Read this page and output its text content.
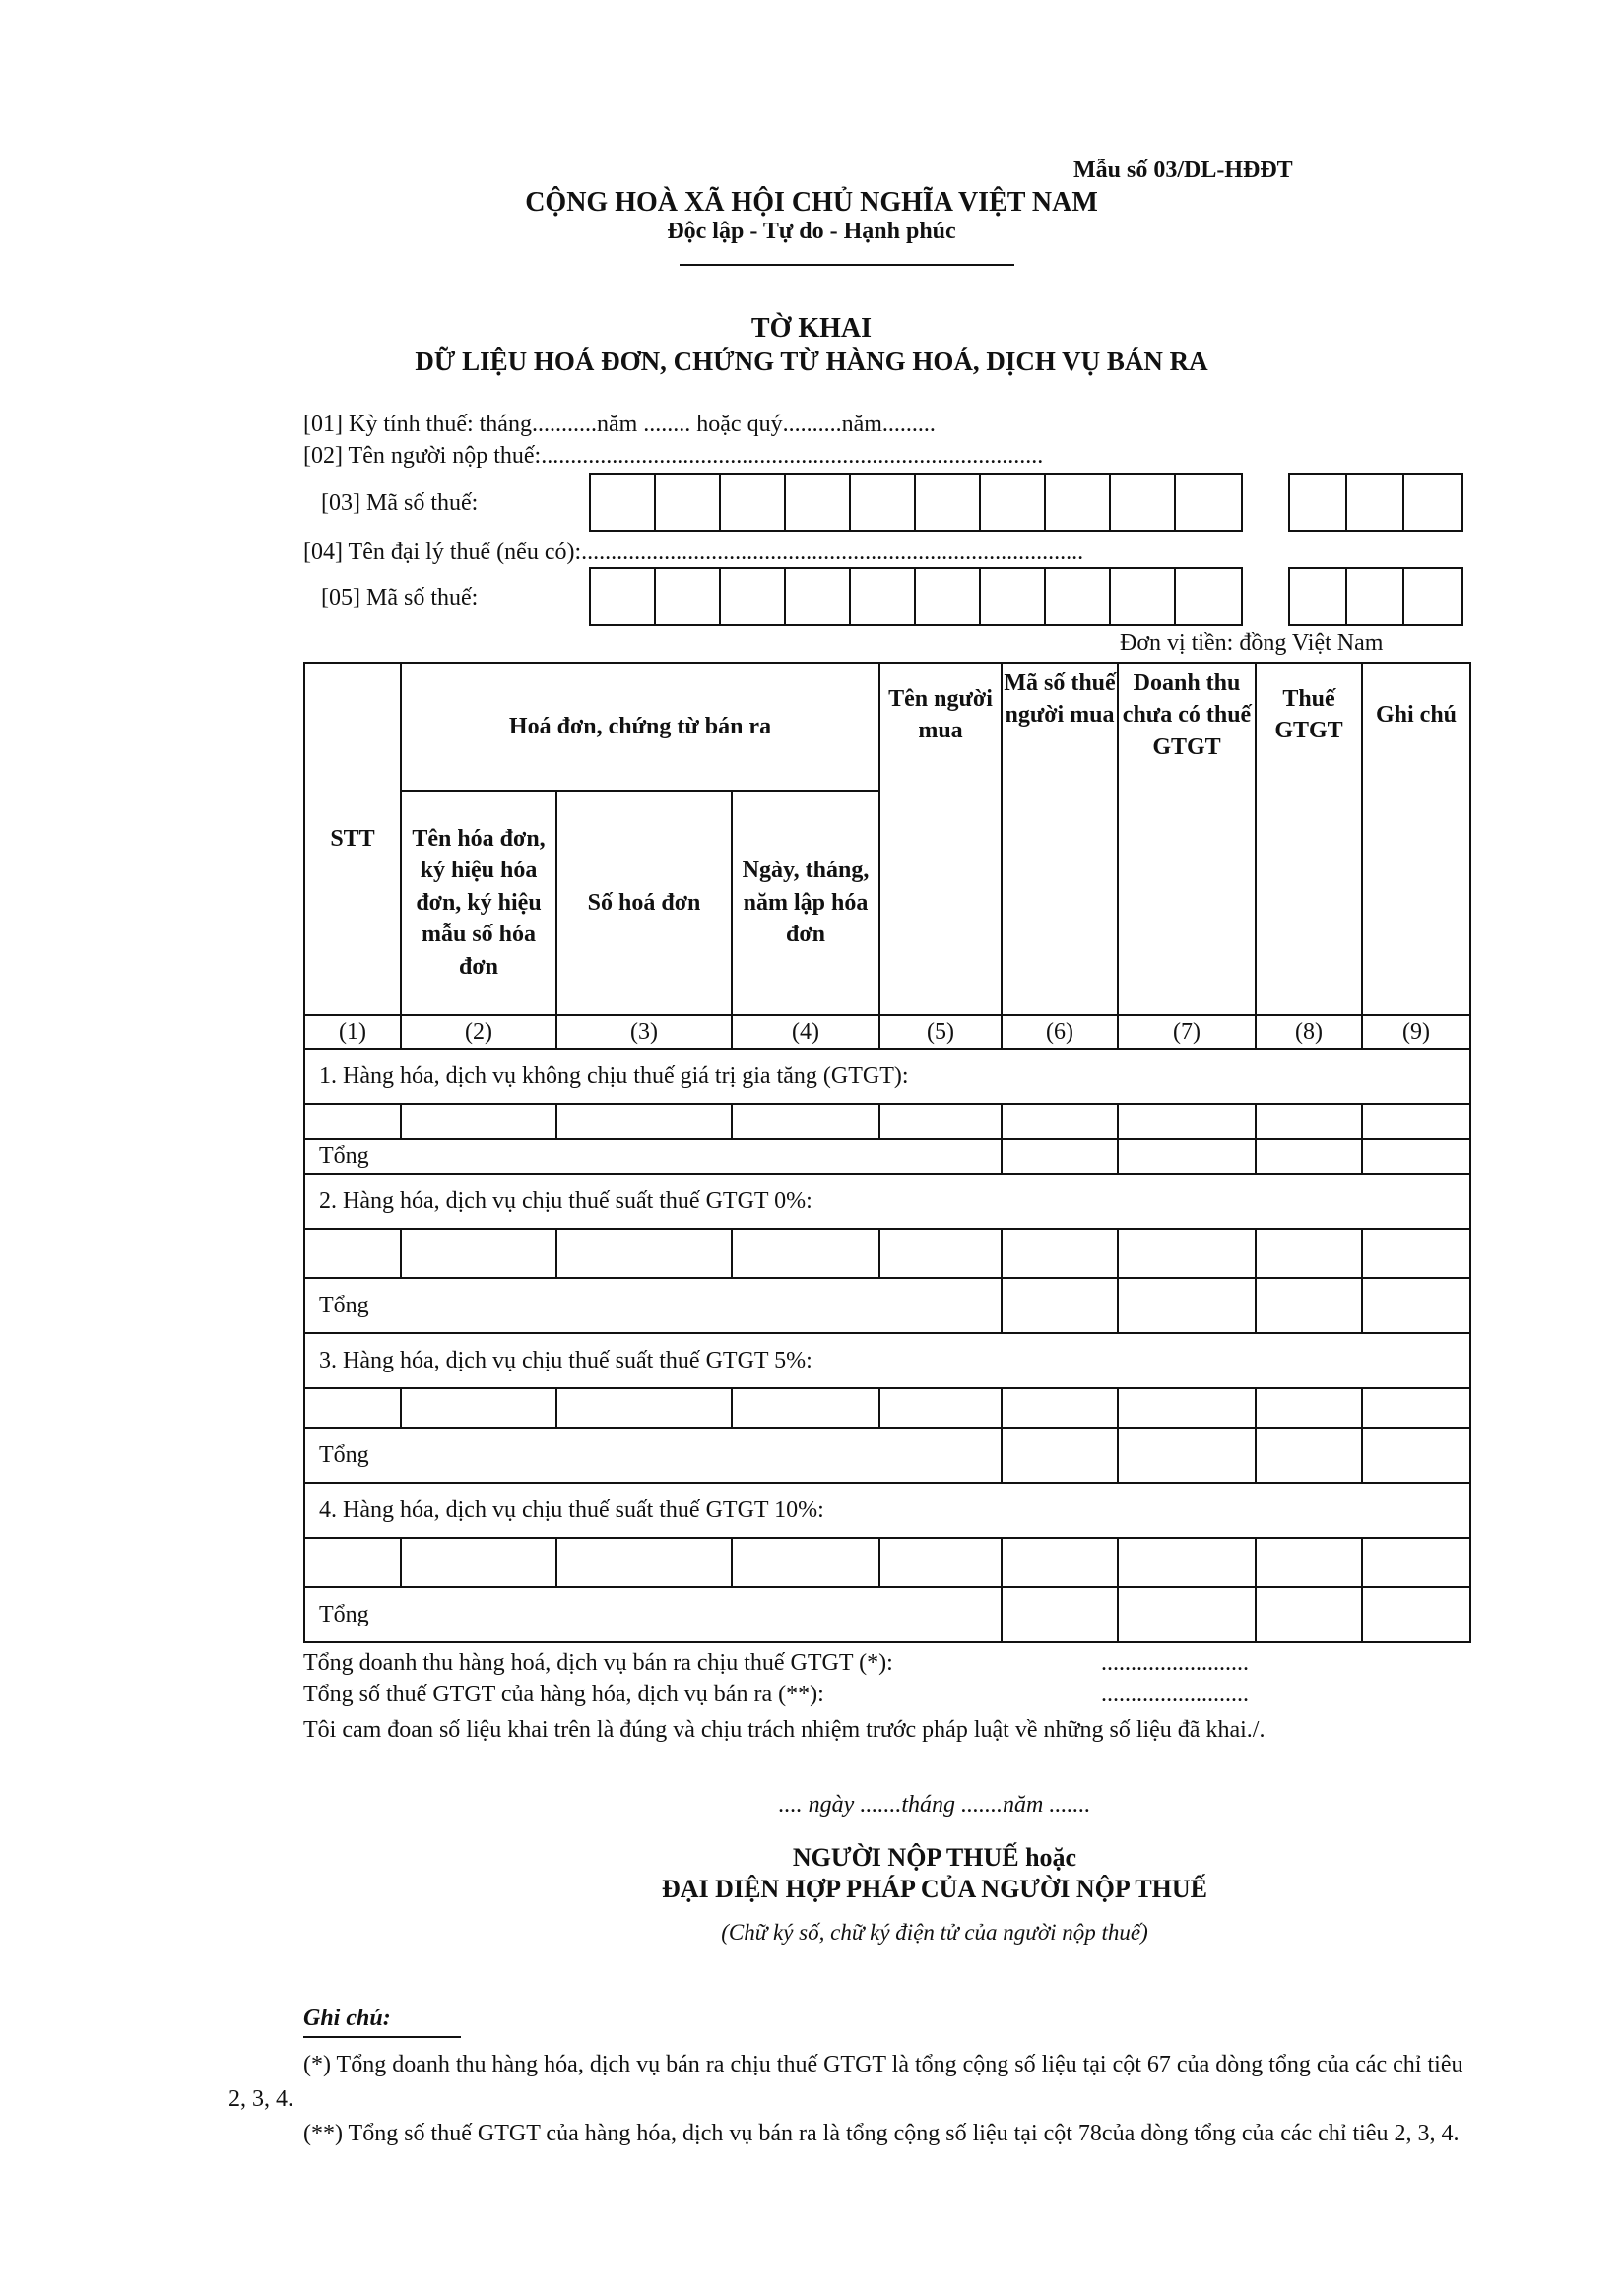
Mẫu số 03/DL-HĐĐT
CỘNG HOÀ XÃ HỘI CHỦ NGHĨA VIỆT NAM
Độc lập - Tự do - Hạnh phúc
TỜ KHAI
DỮ LIỆU HOÁ ĐƠN, CHỨNG TỪ HÀNG HOÁ, DỊCH VỤ BÁN RA
[01] Kỳ tính thuế: tháng...........năm ........ hoặc quý..........năm.........
[02] Tên người nộp thuế:.....................................................................................
[03] Mã số thuế:
[04] Tên đại lý thuế (nếu có):.....................................................................................
[05] Mã số thuế:
Đơn vị tiền: đồng Việt Nam
STT	Hoá đơn, chứng từ bán ra			Tên người mua	Mã số thuế người mua	Doanh thu chưa có thuế GTGT	Thuế GTGT	Ghi chú
	Tên hóa đơn, ký hiệu hóa đơn, ký hiệu mẫu số hóa đơn	Số hoá đơn	Ngày, tháng, năm lập hóa đơn					
(1)	(2)	(3)	(4)	(5)	(6)	(7)	(8)	(9)
1. Hàng hóa, dịch vụ không chịu thuế giá trị gia tăng (GTGT):								

Tổng								
2. Hàng hóa, dịch vụ chịu thuế suất thuế GTGT 0%:								

Tổng								
3. Hàng hóa, dịch vụ chịu thuế suất thuế GTGT 5%:								

Tổng								
4. Hàng hóa, dịch vụ chịu thuế suất thuế GTGT 10%:								

Tổng								
Tổng doanh thu hàng hoá, dịch vụ bán ra chịu thuế GTGT (*):	.........................
Tổng số thuế GTGT của hàng hóa, dịch vụ bán ra (**):	.........................
Tôi cam đoan số liệu khai trên là đúng và chịu trách nhiệm trước pháp luật về những số liệu đã khai./.
.... ngày .......tháng .......năm .......
NGƯỜI NỘP THUẾ hoặc
ĐẠI DIỆN HỢP PHÁP CỦA NGƯỜI NỘP THUẾ
(Chữ ký số, chữ ký điện tử của người nộp thuế)
Ghi chú:
(*) Tổng doanh thu hàng hóa, dịch vụ bán ra chịu thuế GTGT là tổng cộng số liệu tại cột 67 của dòng tổng của các chỉ tiêu 2, 3, 4.
(**) Tổng số thuế GTGT của hàng hóa, dịch vụ bán ra là tổng cộng số liệu tại cột 78của dòng tổng của các chỉ tiêu 2, 3, 4.
